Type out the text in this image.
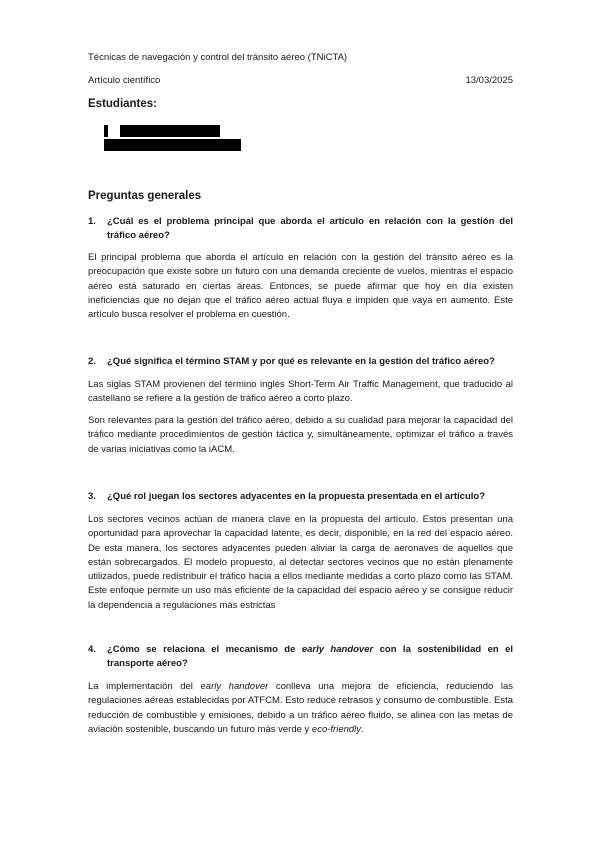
Técnicas de navegación y control del tránsito aéreo (TNiCTA)
Artículo científico	13/03/2025
Estudiantes:
Preguntas generales
1. ¿Cuál es el problema principal que aborda el artículo en relación con la gestión del tráfico aéreo?
El principal problema que aborda el artículo en relación con la gestión del tránsito aéreo es la preocupación que existe sobre un futuro con una demanda creciente de vuelos, mientras el espacio aéreo está saturado en ciertas áreas. Entonces, se puede afirmar que hoy en día existen ineficiencias que no dejan que el tráfico aéreo actual fluya e impiden que vaya en aumento. Este artículo busca resolver el problema en cuestión.
2. ¿Qué significa el término STAM y por qué es relevante en la gestión del tráfico aéreo?
Las siglas STAM provienen del término inglés Short-Term Air Traffic Management, que traducido al castellano se refiere a la gestión de tráfico aéreo a corto plazo.
Son relevantes para la gestión del tráfico aéreo, debido a su cualidad para mejorar la capacidad del tráfico mediante procedimientos de gestión táctica y, simultáneamente, optimizar el tráfico a través de varias iniciativas como la iACM.
3. ¿Qué rol juegan los sectores adyacentes en la propuesta presentada en el artículo?
Los sectores vecinos actúan de manera clave en la propuesta del artículo. Estos presentan una oportunidad para aprovechar la capacidad latente, es decir, disponible, en la red del espacio aéreo. De esta manera, los sectores adyacentes pueden aliviar la carga de aeronaves de aquellos que están sobrecargados. El modelo propuesto, al detectar sectores vecinos que no están plenamente utilizados, puede redistribuir el tráfico hacia a ellos mediante medidas a corto plazo como las STAM. Este enfoque permite un uso más eficiente de la capacidad del espacio aéreo y se consigue reducir la dependencia a regulaciones más estrictas
4. ¿Cómo se relaciona el mecanismo de early handover con la sostenibilidad en el transporte aéreo?
La implementación del early handover conlleva una mejora de eficiencia, reduciendo las regulaciones aéreas establecidas por ATFCM. Esto reduce retrasos y consumo de combustible. Esta reducción de combustible y emisiones, debido a un tráfico aéreo fluido, se alinea con las metas de aviación sostenible, buscando un futuro más verde y eco-friendly.
